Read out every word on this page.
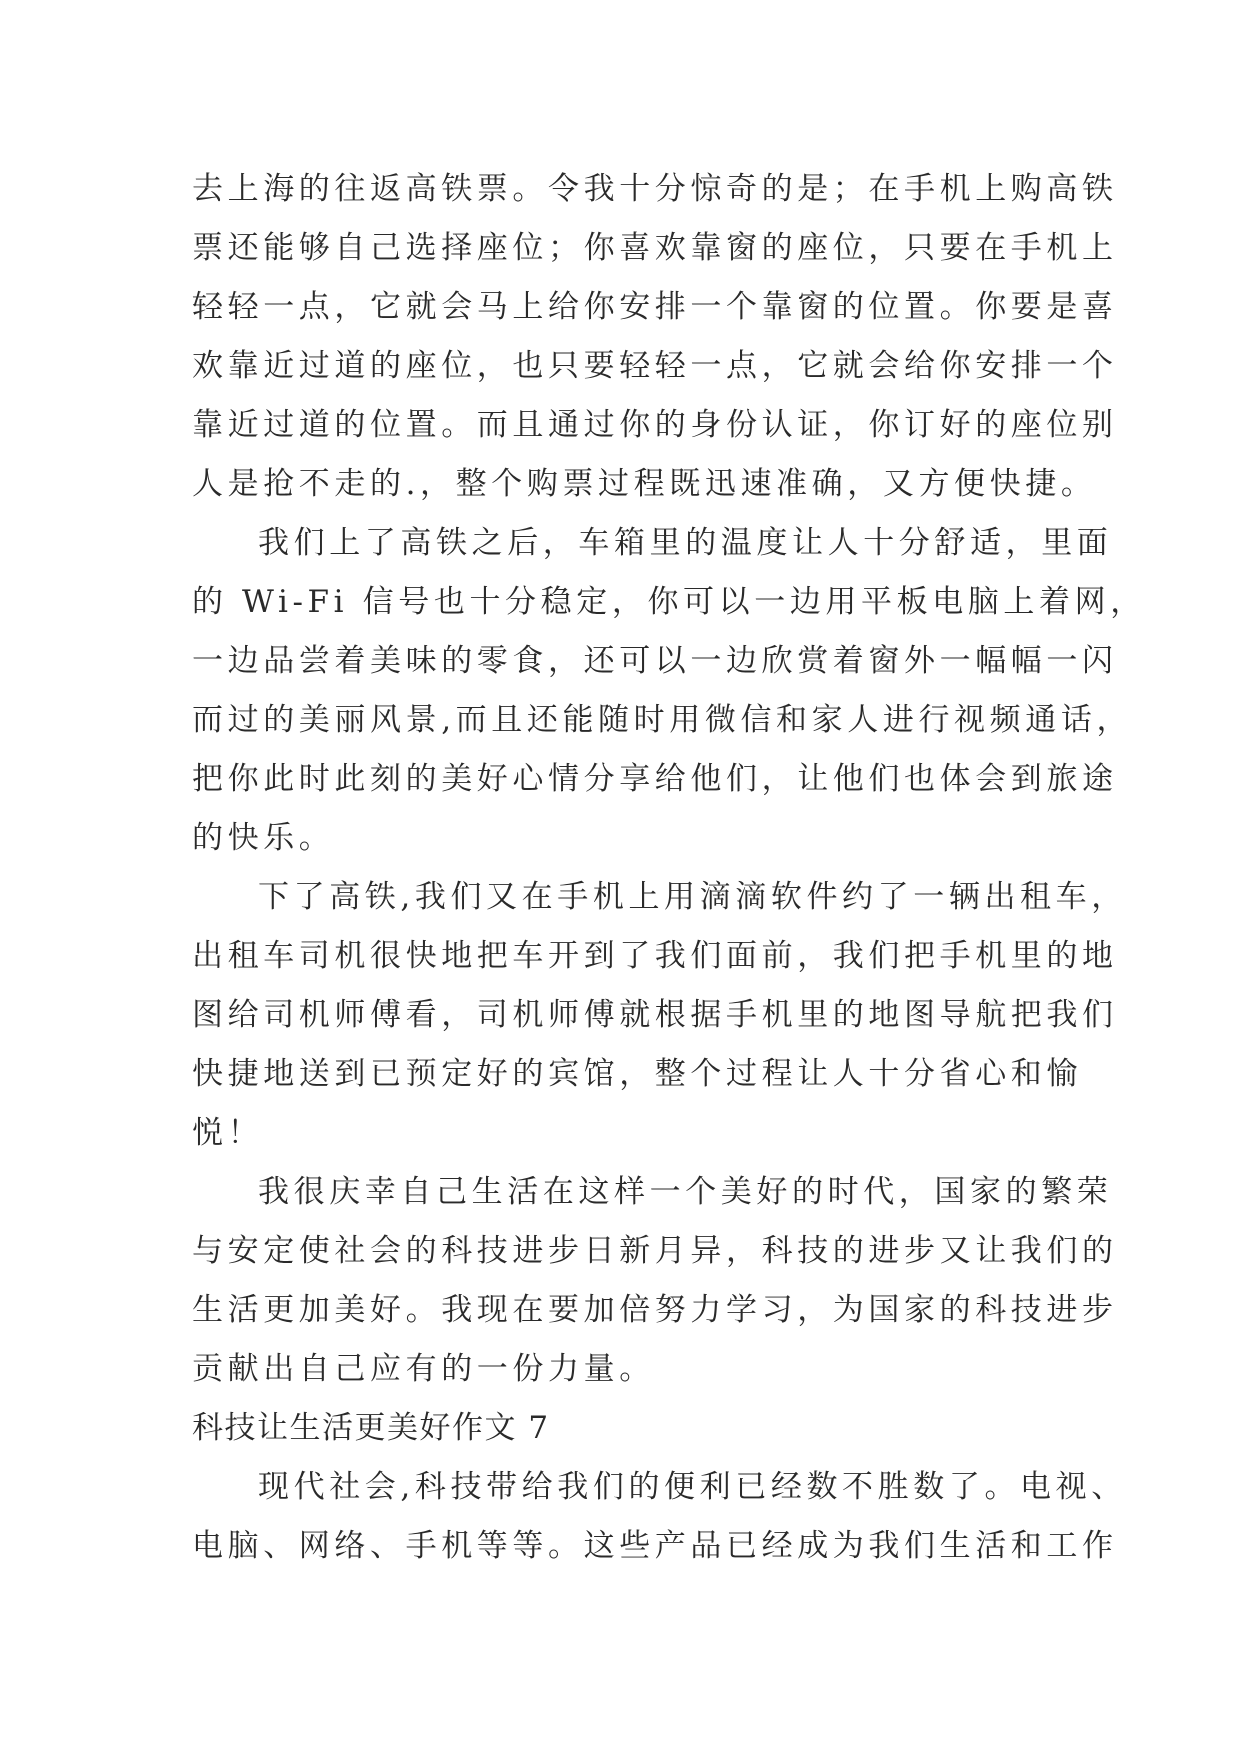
去上海的往返高铁票。令我十分惊奇的是；在手机上购高铁
票还能够自己选择座位；你喜欢靠窗的座位，只要在手机上
轻轻一点，它就会马上给你安排一个靠窗的位置。你要是喜
欢靠近过道的座位，也只要轻轻一点，它就会给你安排一个
靠近过道的位置。而且通过你的身份认证，你订好的座位别
人是抢不走的.，整个购票过程既迅速准确，又方便快捷。
我们上了高铁之后，车箱里的温度让人十分舒适，里面
的 Wi-Fi 信号也十分稳定，你可以一边用平板电脑上着网，
一边品尝着美味的零食，还可以一边欣赏着窗外一幅幅一闪
而过的美丽风景,而且还能随时用微信和家人进行视频通话，
把你此时此刻的美好心情分享给他们，让他们也体会到旅途
的快乐。
下了高铁,我们又在手机上用滴滴软件约了一辆出租车，
出租车司机很快地把车开到了我们面前，我们把手机里的地
图给司机师傅看，司机师傅就根据手机里的地图导航把我们
快捷地送到已预定好的宾馆，整个过程让人十分省心和愉
悦！
我很庆幸自己生活在这样一个美好的时代，国家的繁荣
与安定使社会的科技进步日新月异，科技的进步又让我们的
生活更加美好。我现在要加倍努力学习，为国家的科技进步
贡献出自己应有的一份力量。
科技让生活更美好作文 7
现代社会,科技带给我们的便利已经数不胜数了。电视、
电脑、网络、手机等等。这些产品已经成为我们生活和工作
